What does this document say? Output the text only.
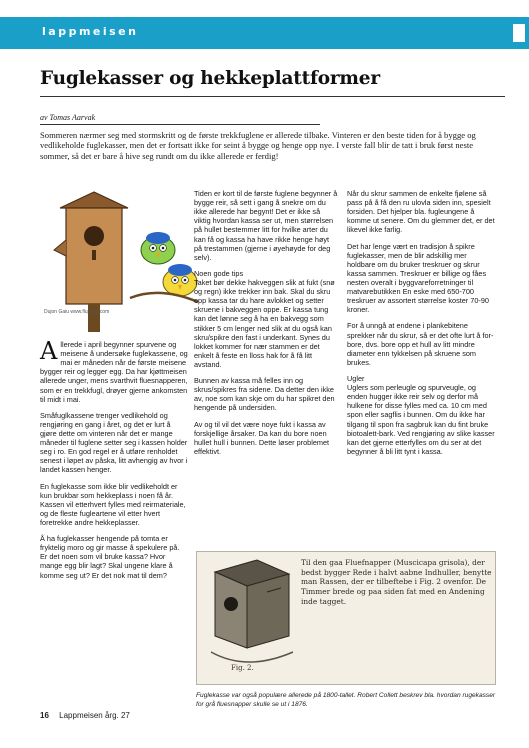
lappmeisen
Fuglekasser og hekkeplattformer
av Tomas Aarvak
Sommeren nærmer seg med stormskritt og de første trekkfuglene er allerede tilbake. Vinteren er den beste tiden for å bygge og vedlikeholde fuglekasser, men det er fortsatt ikke for seint å bygge og henge opp nye. I verste fall blir de tatt i bruk først neste sommer, så det er bare å hive seg rundt om du ikke allerede er ferdig!
Dujon Gaiu www.flujamp.com

Allerede i april begynner spurvene og meisene å undersøke fuglekassene, og mai er måneden når de første meisene bygger reir og legger egg. Da har kjøttmeisen allerede unger, mens svarthvit fluesnapperen, som er en trekkfugl, drøyer gjerne ankomsten til midt i mai.

Småfuglkassene trenger vedlikehold og rengjøring en gang i året, og det er lurt å gjøre dette om vinteren når det er mange måneder til fuglene setter seg i kassen holder seg i ro. En god regel er å utføre renholdet senest i løpet av påska, litt avhengig av hvor i landet kassen henger.

En fuglekasse som ikke blir vedlikeholdt er kun brukbar som hekkeplass i noen få år. Kassen vil etterhvert fylles med reirmateriale, og de fleste fugleartene vil etter hvert foretrekke andre hekkeplasser.

Å ha fuglekasser hengende på tomta er fryktelig moro og gir masse å spekulere på. Er det noen som vil bruke kassa? Hvor mange egg blir lagt? Skal ungene klare å komme seg ut? Er det nok mat til dem?

Tiden er kort til de første fuglene begynner å bygge reir, så sett i gang å snekre om du ikke allerede har begynt! Det er ikke så viktig hvordan kassa ser ut, men størrelsen på hullet bestemmer litt for hvilke arter du kan få og kassa ha have rikke henge høyt på trestammen (gjerne i øyehøyde for deg selv).

Noen gode tips

Taket bør dekke hakveggen slik at fukt (snø og regn) ikke trekker inn bak. Skal du skru opp kassa tar du hare avlokket og setter skruene i bakveggen oppe. Er kassa tung kan det lønne seg å ha en bakvegg som stikker 5 cm lenger ned slik at du også kan skru/spikre den fast i underkant. Synes du lokket kommer for nær stammen er det enkelt å feste en lloss hak for å få litt avstand.

Bunnen av kassa må felles inn og skrus/spikres fra sidene. Da detter den ikke av, noe som kan skje om du har spikret den hengende på undersiden.

Av og til vil det være noye fukt i kassa av forskjellige årsaker. Da kan du bore noen hullet hull i bunnen. Dette løser problemet effektivt.

Når du skrur sammen de enkelte fjølene så pass på å få den ru ulovla siden inn, spesielt forsiden. Det hjelper bla. fugleungene å komme ut senere. Om du glemmer det, er det likevel ikke farlig.

Det har lenge vært en tradisjon å spikre fuglekasser, men de blir adskillig mer holdbare om du bruker treskruer og skrur kassa sammen. Treskruer er billige og fåes nesten overalt i byggvareforretninger til matvarebutikken En eske med 650-700 treskruer av assortert størrelse koster 70-90 kroner.

For å unngå at endene i plankebitene sprekker når du skrur, så er det ofte lurt å for-bore, dvs. bore opp et hull av litt mindre diameter enn tykkelsen på skruene som brukes.

Ugler

Uglers som perleugle og spurveugle, og enden hugger ikke reir selv og derfor må hulkene for disse fylles med ca. 10 cm med spon eller sagflis i bunnen. Om du ikke har tilgang til spon fra sagbruk kan du fint bruke biotoalett-bark. Ved rengjøring av slike kasser kan det gjerne etterfylles om du ser at det begynner å bli litt tynt i kassa.

Fig. 2.
Til den gaa Fluefnapper (Muscicapa grisola), der bedst bygger Rede i halvt aabne Indhuller, benytte man Rassen, der er tilbeftebe i Fig. 2 ovenfor. De Timmer brede og paa siden fat med en Andening inde tagget.
Fuglekasse var også populære allerede på 1800-tallet. Robert Collett beskrev bla. hvordan rugekasser for grå fluesnapper skulle se ut i 1876.
16 Lappmeisen årg. 27
